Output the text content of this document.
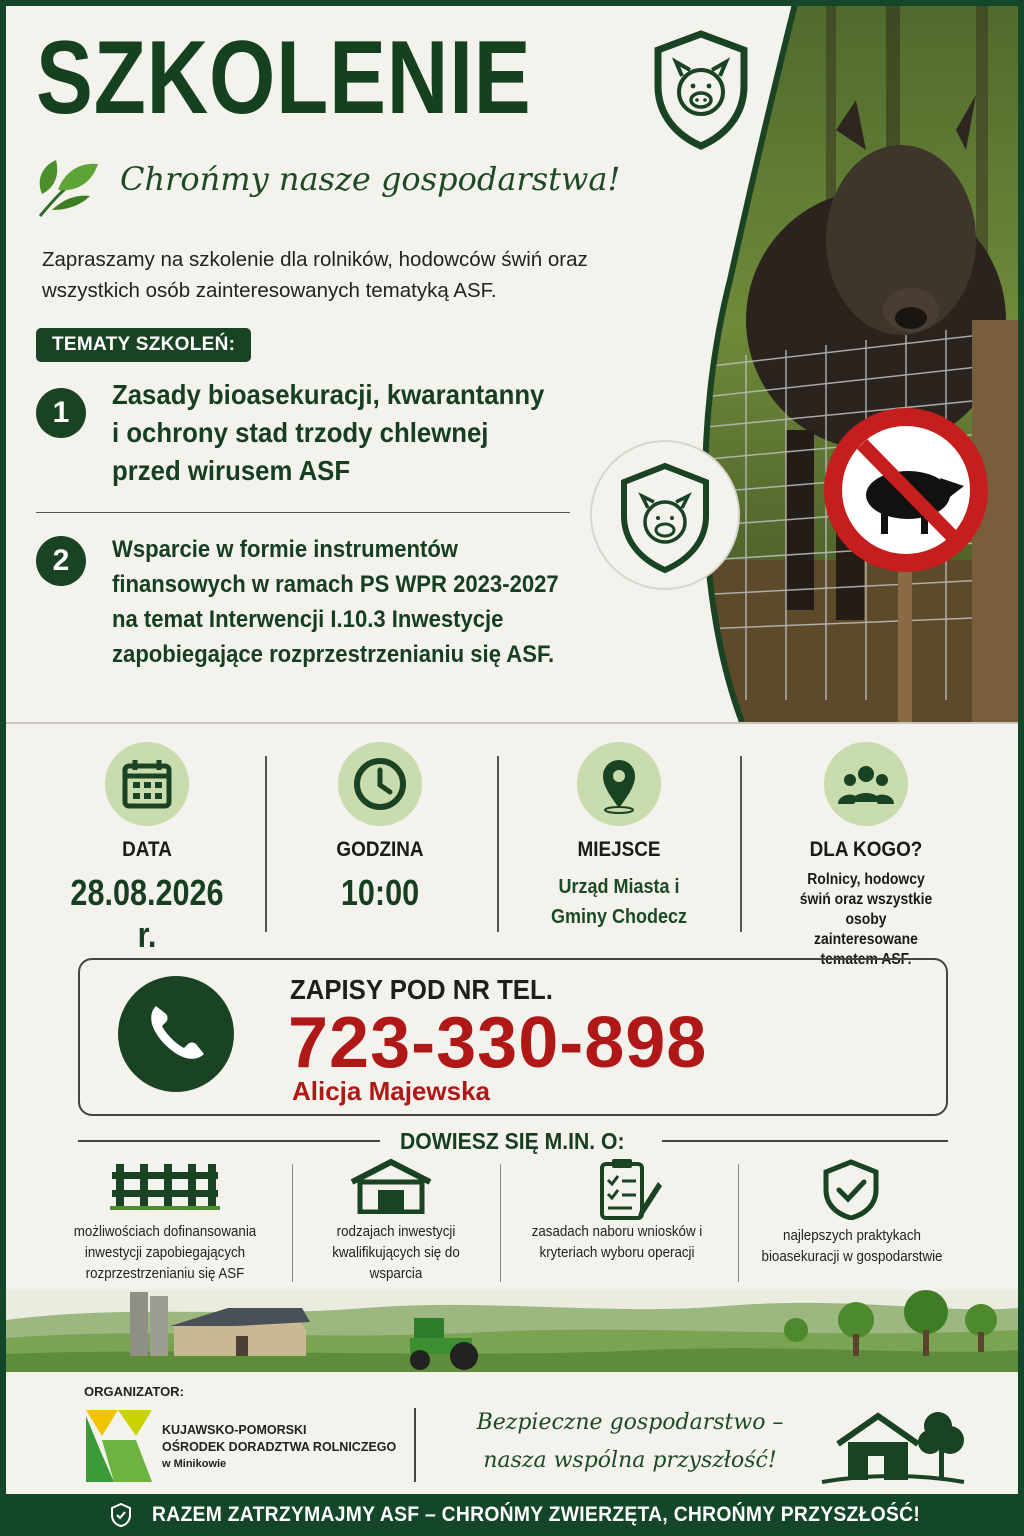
SZKOLENIE
Chrońmy nasze gospodarstwa!
Zapraszamy na szkolenie dla rolników, hodowców świń oraz wszystkich osób zainteresowanych tematyką ASF.
TEMATY SZKOLEŃ:
1
Zasady bioasekuracji, kwarantanny i ochrony stad trzody chlewnej przed wirusem ASF
2	Wsparcie w formie instrumentów finansowych w ramach PS WPR 2023-2027 na temat Interwencji I.10.3 Inwestycje zapobiegające rozprzestrzenianiu się ASF.
DATA
28.08.2026 r.
GODZINA
10:00
MIEJSCE
Urząd Miasta i Gminy Chodecz
DLA KOGO?
Rolnicy, hodowcy świń oraz wszystkie osoby zainteresowane tematem ASF.
ZAPISY POD NR TEL.
723-330-898
Alicja Majewska
DOWIESZ SIĘ M.IN. O:
możliwościach dofinansowania inwestycji zapobiegających rozprzestrzenianiu się ASF
rodzajach inwestycji kwalifikujących się do wsparcia
zasadach naboru wniosków i kryteriach wyboru operacji
najlepszych praktykach bioasekuracji w gospodarstwie
ORGANIZATOR:
KUJAWSKO-POMORSKI
OŚRODEK DORADZTWA ROLNICZEGO
w Minikowie
Bezpieczne gospodarstwo – nasza wspólna przyszłość!
RAZEM ZATRZYMAJMY ASF – CHROŃMY ZWIERZĘTA, CHROŃMY PRZYSZŁOŚĆ!
